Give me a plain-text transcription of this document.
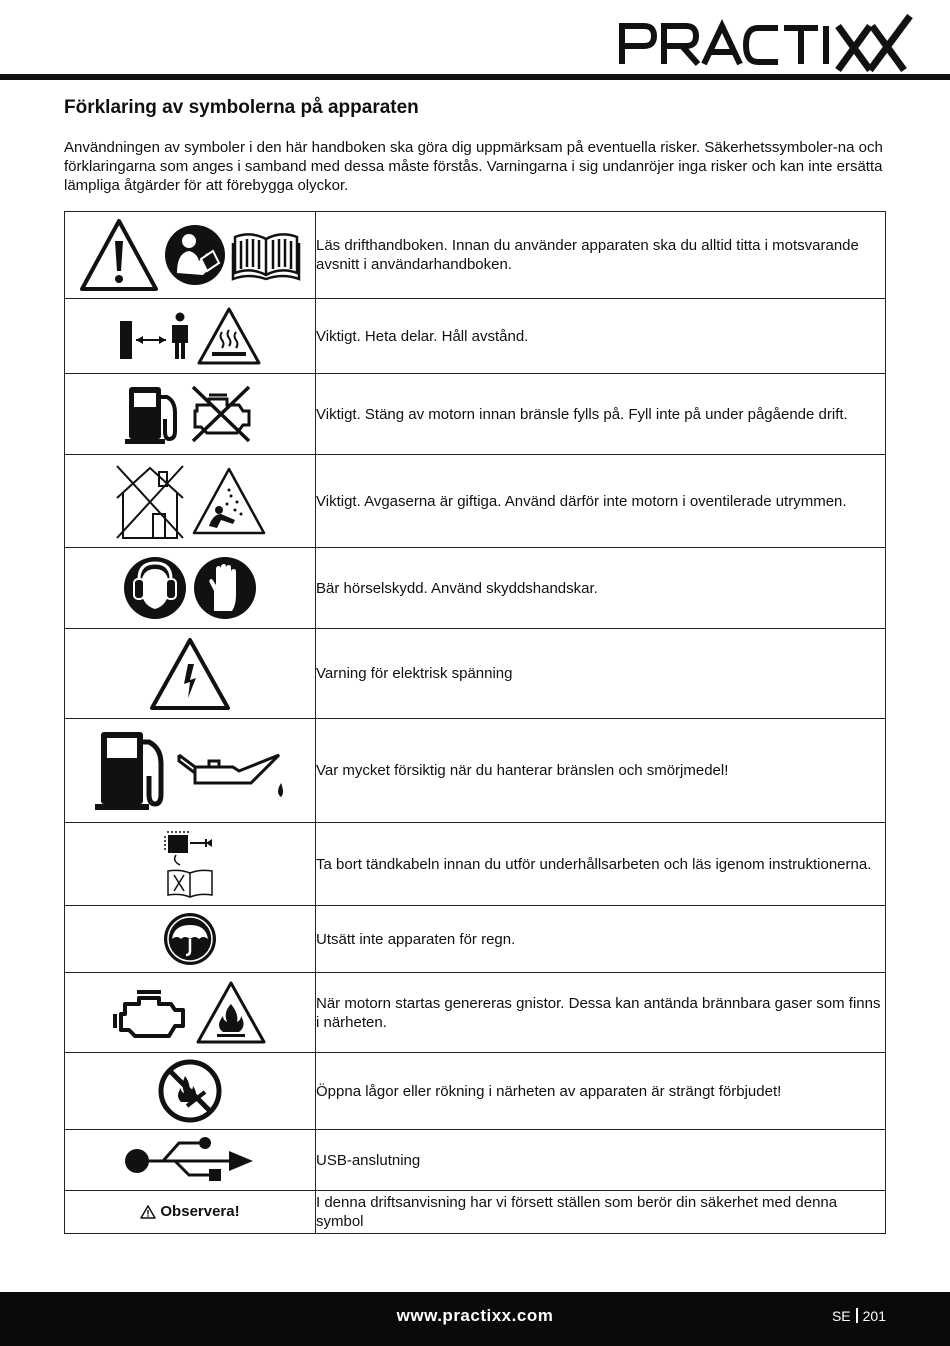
Förklaring av symbolerna på apparaten

Användningen av symboler i den här handboken ska göra dig uppmärksam på eventuella risker. Säkerhetssymboler-na och förklaringarna som anges i samband med dessa måste förstås. Varningarna i sig undanröjer inga risker och kan inte ersätta lämpliga åtgärder för att förebygga olyckor.

	Läs drifthandboken. Innan du använder apparaten ska du alltid titta i motsvarande avsnitt i användarhandboken.
	Viktigt. Heta delar. Håll avstånd.
	Viktigt. Stäng av motorn innan bränsle fylls på. Fyll inte på under pågående drift.
	Viktigt. Avgaserna är giftiga. Använd därför inte motorn i oventilerade utrymmen.
	Bär hörselskydd. Använd skyddshandskar.
	Varning för elektrisk spänning
	Var mycket försiktig när du hanterar bränslen och smörjmedel!
	Ta bort tändkabeln innan du utför underhållsarbeten och läs igenom instruktionerna.
	Utsätt inte apparaten för regn.
	När motorn startas genereras gnistor. Dessa kan antända brännbara gaser som finns i närheten.
	Öppna lågor eller rökning i närheten av apparaten är strängt förbjudet!
	USB-anslutning
Observera!	I denna driftsanvisning har vi försett ställen som berör din säkerhet med denna symbol
www.practixx.com	SE 201
